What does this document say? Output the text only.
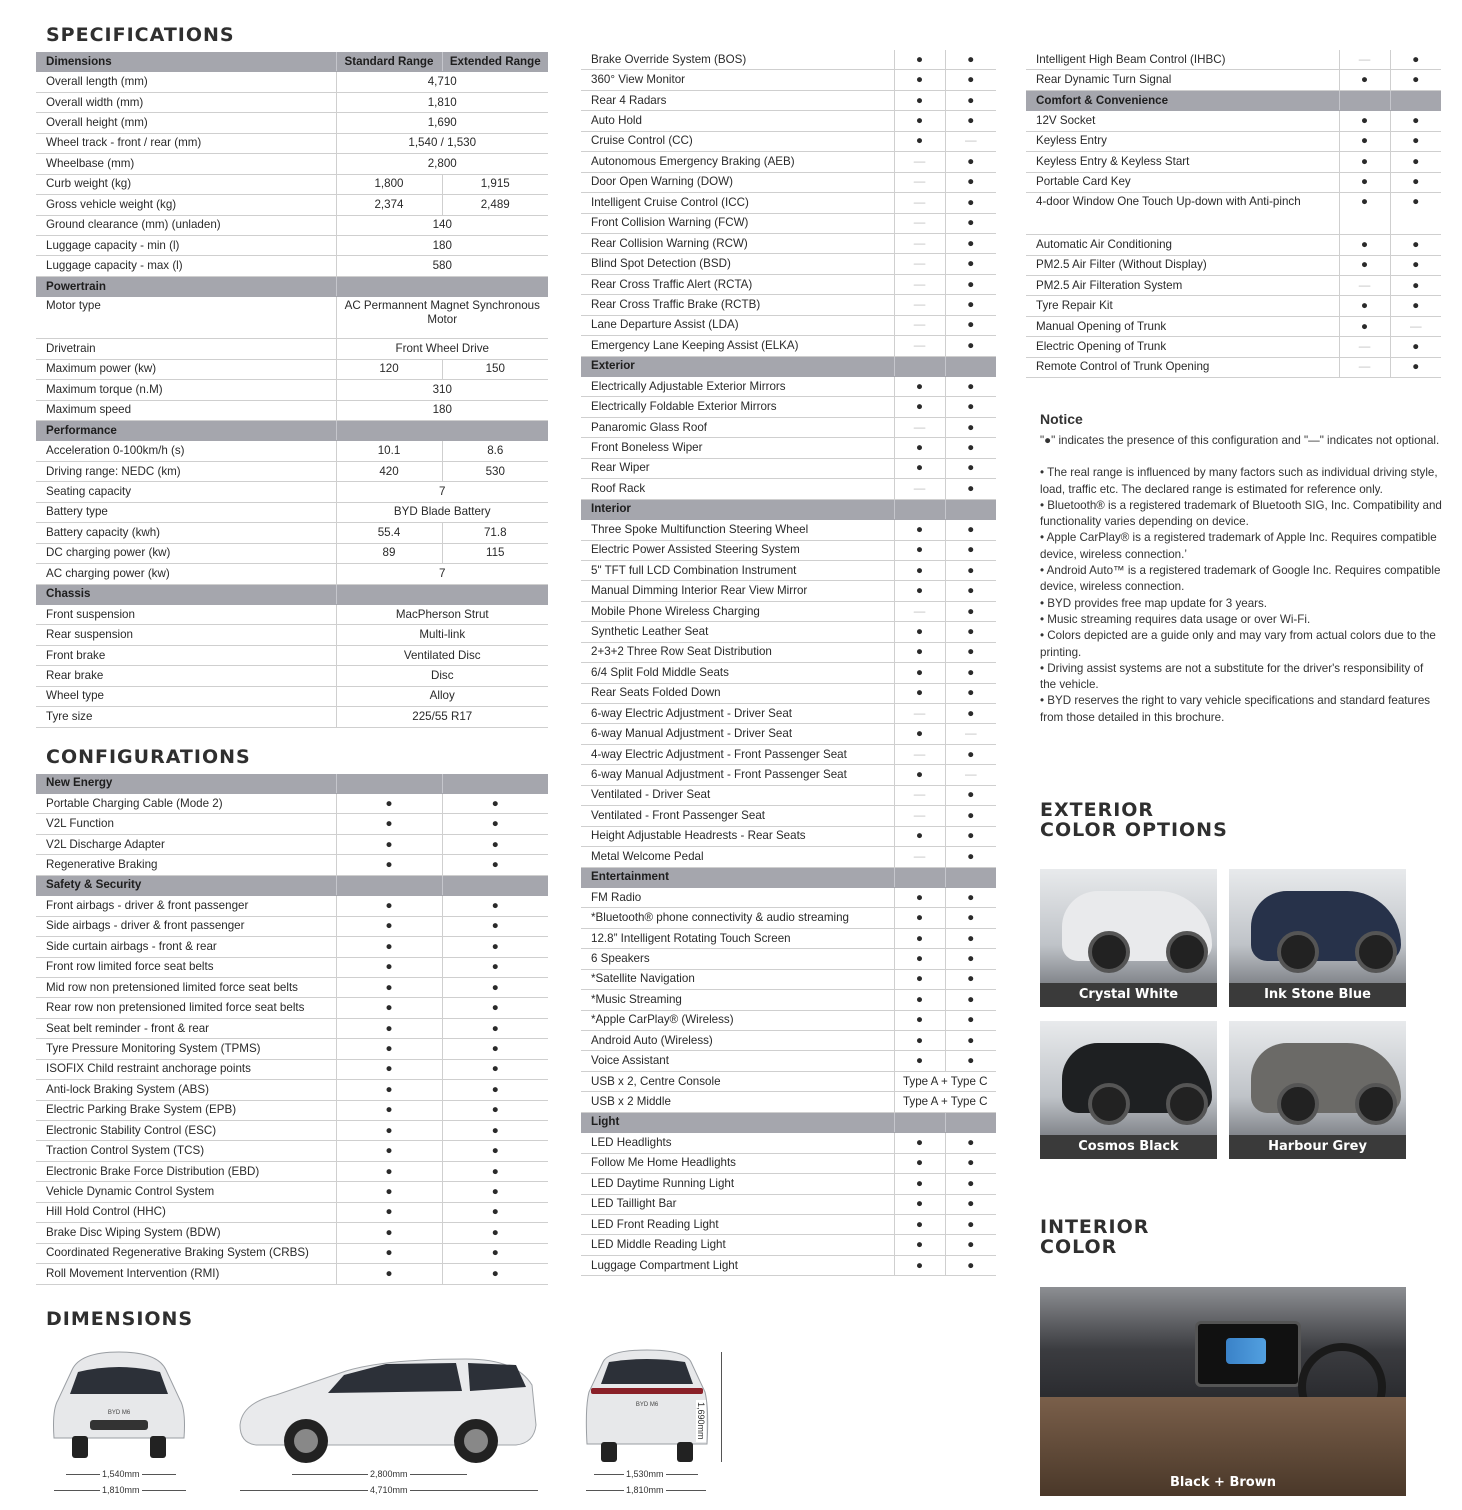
SPECIFICATIONS
Dimensions	Standard Range	Extended Range
Overall length (mm)	4,710	
Overall width (mm)	1,810	
Overall height (mm)	1,690	
Wheel track - front / rear (mm)	1,540 / 1,530	
Wheelbase (mm)	2,800	
Curb weight (kg)	1,800	1,915
Gross vehicle weight (kg)	2,374	2,489
Ground clearance (mm) (unladen)	140	
Luggage capacity - min (l)	180	
Luggage capacity - max (l)	580	
Powertrain		
Motor type	AC Permannent Magnet Synchronous Motor	
Drivetrain	Front Wheel Drive	
Maximum power (kw)	120	150
Maximum torque (n.M)	310	
Maximum speed	180	
Performance		
Acceleration 0-100km/h (s)	10.1	8.6
Driving range: NEDC (km)	420	530
Seating capacity	7	
Battery type	BYD Blade Battery	
Battery capacity (kwh)	55.4	71.8
DC charging power (kw)	89	115
AC charging power (kw)	7	
Chassis		
Front suspension	MacPherson Strut	
Rear suspension	Multi-link	
Front brake	Ventilated Disc	
Rear brake	Disc	
Wheel type	Alloy	
Tyre size	225/55 R17	
CONFIGURATIONS
New Energy		
Portable Charging Cable (Mode 2)	●	●
V2L Function	●	●
V2L Discharge Adapter	●	●
Regenerative Braking	●	●
Safety & Security		
Front airbags - driver & front passenger	●	●
Side airbags - driver & front passenger	●	●
Side curtain airbags - front & rear	●	●
Front row limited force seat belts	●	●
Mid row non pretensioned limited force seat belts	●	●
Rear row non pretensioned limited force seat belts	●	●
Seat belt reminder - front & rear	●	●
Tyre Pressure Monitoring System (TPMS)	●	●
ISOFIX Child restraint anchorage points	●	●
Anti-lock Braking System (ABS)	●	●
Electric Parking Brake System (EPB)	●	●
Electronic Stability Control (ESC)	●	●
Traction Control System (TCS)	●	●
Electronic Brake Force Distribution (EBD)	●	●
Vehicle Dynamic Control System	●	●
Hill Hold Control (HHC)	●	●
Brake Disc Wiping System (BDW)	●	●
Coordinated Regenerative Braking System (CRBS)	●	●
Roll Movement Intervention (RMI)	●	●
Brake Override System (BOS)	●	●
360° View Monitor	●	●
Rear 4 Radars	●	●
Auto Hold	●	●
Cruise Control (CC)	●	—
Autonomous Emergency Braking (AEB)	—	●
Door Open Warning (DOW)	—	●
Intelligent Cruise Control (ICC)	—	●
Front Collision Warning (FCW)	—	●
Rear Collision Warning (RCW)	—	●
Blind Spot Detection (BSD)	—	●
Rear Cross Traffic Alert (RCTA)	—	●
Rear Cross Traffic Brake (RCTB)	—	●
Lane Departure Assist (LDA)	—	●
Emergency Lane Keeping Assist (ELKA)	—	●
Exterior		
Electrically Adjustable Exterior Mirrors	●	●
Electrically Foldable Exterior Mirrors	●	●
Panaromic Glass Roof	—	●
Front Boneless Wiper	●	●
Rear Wiper	●	●
Roof Rack	—	●
Interior		
Three Spoke Multifunction Steering Wheel	●	●
Electric Power Assisted Steering System	●	●
5" TFT full LCD Combination Instrument	●	●
Manual Dimming Interior Rear View Mirror	●	●
Mobile Phone Wireless Charging	—	●
Synthetic Leather Seat	●	●
2+3+2 Three Row Seat Distribution	●	●
6/4 Split Fold Middle Seats	●	●
Rear Seats Folded Down	●	●
6-way Electric Adjustment - Driver Seat	—	●
6-way Manual Adjustment - Driver Seat	●	—
4-way Electric Adjustment - Front Passenger Seat	—	●
6-way Manual Adjustment - Front Passenger Seat	●	—
Ventilated - Driver Seat	—	●
Ventilated - Front Passenger Seat	—	●
Height Adjustable Headrests - Rear Seats	●	●
Metal Welcome Pedal	—	●
Entertainment		
FM Radio	●	●
*Bluetooth® phone connectivity & audio streaming	●	●
12.8” Intelligent Rotating Touch Screen	●	●
6 Speakers	●	●
*Satellite Navigation	●	●
*Music Streaming	●	●
*Apple CarPlay® (Wireless)	●	●
Android Auto (Wireless)	●	●
Voice Assistant	●	●
USB x 2, Centre Console	Type A + Type C	
USB x 2 Middle	Type A + Type C	
Light		
LED Headlights	●	●
Follow Me Home Headlights	●	●
LED Daytime Running Light	●	●
LED Taillight Bar	●	●
LED Front Reading Light	●	●
LED Middle Reading Light	●	●
Luggage Compartment Light	●	●
Intelligent High Beam Control (IHBC)	—	●
Rear Dynamic Turn Signal	●	●
Comfort & Convenience		
12V Socket	●	●
Keyless Entry	●	●
Keyless Entry & Keyless Start	●	●
Portable Card Key	●	●
4-door Window One Touch Up-down with Anti-pinch	●	●
Automatic Air Conditioning	●	●
PM2.5 Air Filter (Without Display)	●	●
PM2.5 Air Filteration System	—	●
Tyre Repair Kit	●	●
Manual Opening of Trunk	●	—
Electric Opening of Trunk	—	●
Remote Control of Trunk Opening	—	●
Notice

"●" indicates the presence of this configuration and "—" indicates not optional.

• The real range is influenced by many factors such as individual driving style, load, traffic etc. The declared range is estimated for reference only.

• Bluetooth® is a registered trademark of Bluetooth SIG, Inc. Compatibility and functionality varies depending on device.

• Apple CarPlay® is a registered trademark of Apple Inc. Requires compatible device, wireless connection.’

• Android Auto™ is a registered trademark of Google Inc. Requires compatible device, wireless connection.

• BYD provides free map update for 3 years.

• Music streaming requires data usage or over Wi-Fi.

• Colors depicted are a guide only and may vary from actual colors due to the printing.

• Driving assist systems are not a substitute for the driver's responsibility of the vehicle.

• BYD reserves the right to vary vehicle specifications and standard features from those detailed in this brochure.

EXTERIOR
COLOR OPTIONS
Crystal White	Ink Stone Blue
Cosmos Black	Harbour Grey
INTERIOR
COLOR
Black + Brown
DIMENSIONS
BYD M6
1,540mm
1,810mm
2,800mm
4,710mm
BYD M6
1,530mm
1,810mm
1,690mm
